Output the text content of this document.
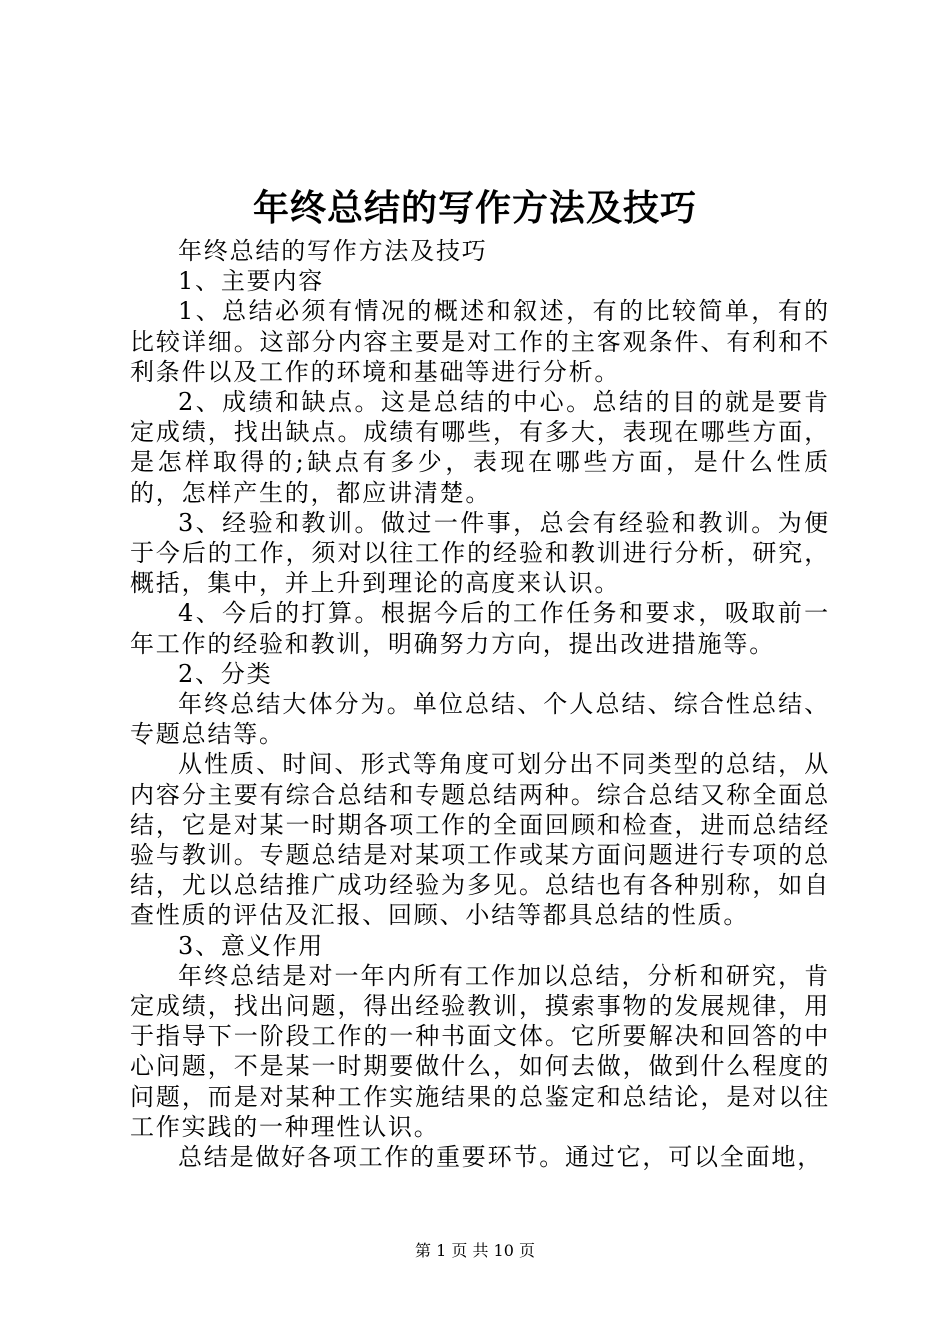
年终总结的写作方法及技巧

年终总结的写作方法及技巧

1、主要内容

1、总结必须有情况的概述和叙述，有的比较简单，有的比较详细。这部分内容主要是对工作的主客观条件、有利和不利条件以及工作的环境和基础等进行分析。

2、成绩和缺点。这是总结的中心。总结的目的就是要肯定成绩，找出缺点。成绩有哪些，有多大，表现在哪些方面，是怎样取得的;缺点有多少，表现在哪些方面，是什么性质的，怎样产生的，都应讲清楚。

3、经验和教训。做过一件事，总会有经验和教训。为便于今后的工作，须对以往工作的经验和教训进行分析，研究，概括，集中，并上升到理论的高度来认识。

4、今后的打算。根据今后的工作任务和要求，吸取前一年工作的经验和教训，明确努力方向，提出改进措施等。

2、分类

年终总结大体分为。单位总结、个人总结、综合性总结、专题总结等。

从性质、时间、形式等角度可划分出不同类型的总结，从内容分主要有综合总结和专题总结两种。综合总结又称全面总结，它是对某一时期各项工作的全面回顾和检查，进而总结经验与教训。专题总结是对某项工作或某方面问题进行专项的总结，尤以总结推广成功经验为多见。总结也有各种别称，如自查性质的评估及汇报、回顾、小结等都具总结的性质。

3、意义作用

年终总结是对一年内所有工作加以总结，分析和研究，肯定成绩，找出问题，得出经验教训，摸索事物的发展规律，用于指导下一阶段工作的一种书面文体。它所要解决和回答的中心问题，不是某一时期要做什么，如何去做，做到什么程度的问题，而是对某种工作实施结果的总鉴定和总结论，是对以往工作实践的一种理性认识。

总结是做好各项工作的重要环节。通过它，可以全面地，

第 1 页 共 10 页
